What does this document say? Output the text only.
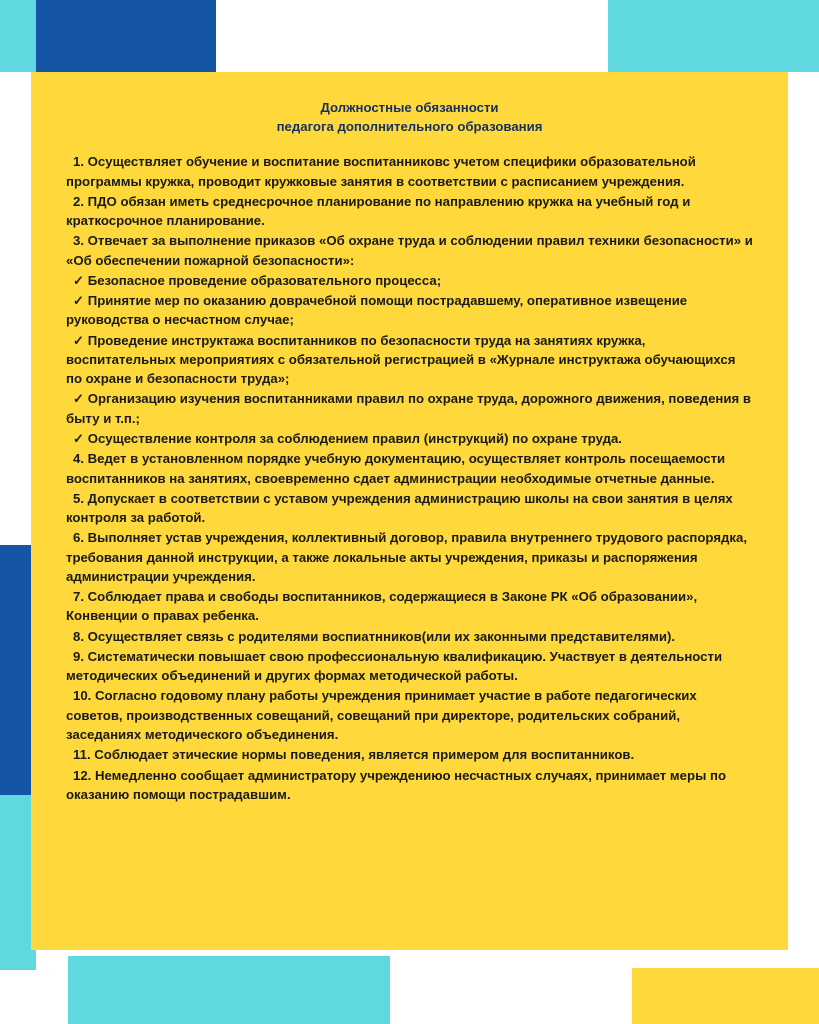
Должностные обязанности
педагога дополнительного образования

1. Осуществляет обучение и воспитание воспитанниковс учетом специфики образовательной программы кружка, проводит кружковые занятия в соответствии с расписанием учреждения.

2. ПДО обязан иметь среднесрочное планирование по направлению кружка на учебный год и краткосрочное планирование.

3. Отвечает за выполнение приказов «Об охране труда и соблюдении правил техники безопасности» и «Об обеспечении пожарной безопасности»:

✓ Безопасное проведение образовательного процесса;

✓ Принятие мер по оказанию доврачебной помощи пострадавшему, оперативное извещение руководства о несчастном случае;

✓ Проведение инструктажа воспитанников по безопасности труда на занятиях кружка, воспитательных мероприятиях с обязательной регистрацией в «Журнале инструктажа обучающихся по охране и безопасности труда»;

✓ Организацию изучения воспитанниками правил по охране труда, дорожного движения, поведения в быту и т.п.;

✓ Осуществление контроля за соблюдением правил (инструкций) по охране труда.

4. Ведет в установленном порядке учебную документацию, осуществляет контроль посещаемости воспитанников на занятиях, своевременно сдает администрации необходимые отчетные данные.

5. Допускает в соответствии с уставом учреждения администрацию школы на свои занятия в целях контроля за работой.

6. Выполняет устав учреждения, коллективный договор, правила внутреннего трудового распорядка, требования данной инструкции, а также локальные акты учреждения, приказы и распоряжения администрации учреждения.

7. Соблюдает права и свободы воспитанников, содержащиеся в Законе РК «Об образовании», Конвенции о правах ребенка.

8. Осуществляет связь с родителями воспиатнников(или их законными представителями).

9. Систематически повышает свою профессиональную квалификацию. Участвует в деятельности методических объединений и других формах методической работы.

10. Согласно годовому плану работы учреждения принимает участие в работе педагогических советов, производственных совещаний, совещаний при директоре, родительских собраний, заседаниях методического объединения.

11. Соблюдает этические нормы поведения, является примером для воспитанников.

12. Немедленно сообщает администратору учреждениюо несчастных случаях, принимает меры по оказанию помощи пострадавшим.
